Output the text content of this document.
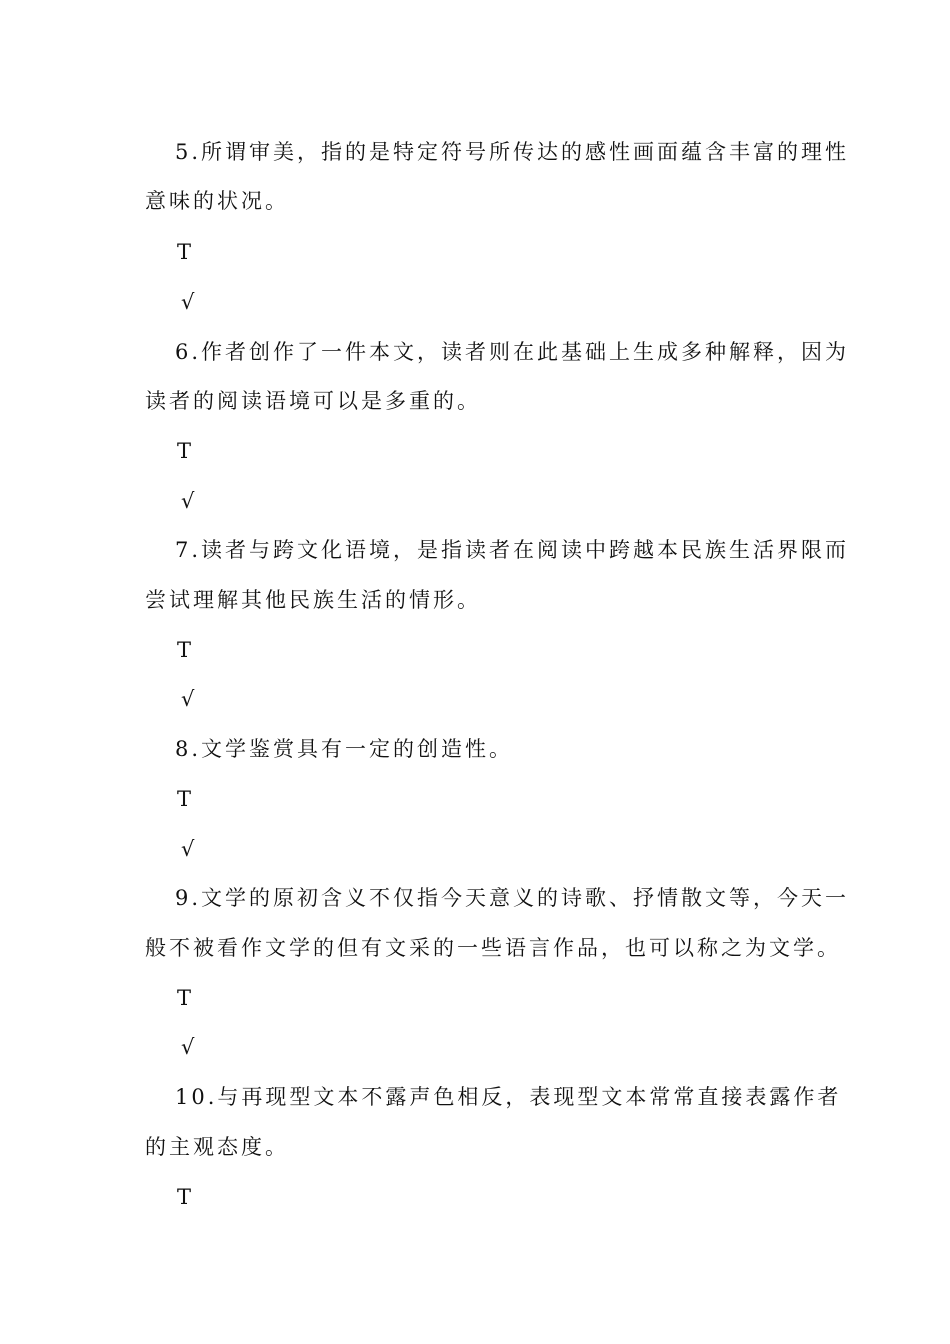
5.所谓审美，指的是特定符号所传达的感性画面蕴含丰富的理性
意味的状况。
T
√
6.作者创作了一件本文，读者则在此基础上生成多种解释，因为
读者的阅读语境可以是多重的。
T
√
7.读者与跨文化语境，是指读者在阅读中跨越本民族生活界限而
尝试理解其他民族生活的情形。
T
√
8.文学鉴赏具有一定的创造性。
T
√
9.文学的原初含义不仅指今天意义的诗歌、抒情散文等，今天一
般不被看作文学的但有文采的一些语言作品，也可以称之为文学。
T
√
10.与再现型文本不露声色相反，表现型文本常常直接表露作者
的主观态度。
T
